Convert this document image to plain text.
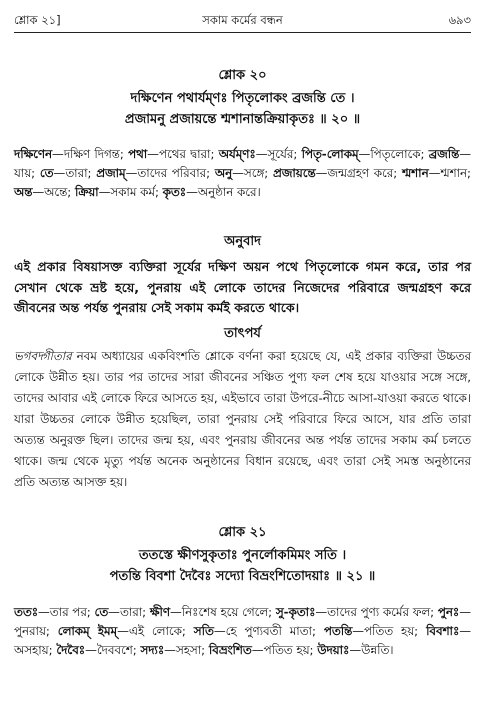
শ্লোক ২১]	সকাম কর্মের বন্ধন	৬৯৩
শ্লোক ২০
দক্ষিণেন পথার্যম্ণঃ পিতৃলোকং ব্রজন্তি তে ।
প্রজামনু প্রজায়ন্তে শ্মশানান্তক্রিয়াকৃতঃ ॥ ২০ ॥
দক্ষিণেন—দক্ষিণ দিগন্ত; পথা—পথের দ্বারা; অর্যম্ণঃ—সূর্যের; পিতৃ-লোকম্—পিতৃলোকে; ব্রজন্তি—যায়; তে—তারা; প্রজাম্—তাদের পরিবার; অনু—সঙ্গে; প্রজায়ন্তে—জন্মগ্রহণ করে; শ্মশান—শ্মশান; অন্ত—অন্তে; ক্রিয়া—সকাম কর্ম; কৃতঃ—অনুষ্ঠান করে।
অনুবাদ
এই প্রকার বিষয়াসক্ত ব্যক্তিরা সূর্যের দক্ষিণ অয়ন পথে পিতৃলোকে গমন করে, তার পর সেখান থেকে ভ্রষ্ট হয়ে, পুনরায় এই লোকে তাদের নিজেদের পরিবারে জন্মগ্রহণ করে জীবনের অন্ত পর্যন্ত পুনরায় সেই সকাম কর্মই করতে থাকে।
তাৎপর্য
ভগবদ্গীতার নবম অধ্যায়ের একবিংশতি শ্লোকে বর্ণনা করা হয়েছে যে, এই প্রকার ব্যক্তিরা উচ্চতর লোকে উন্নীত হয়। তার পর তাদের সারা জীবনের সঞ্চিত পুণ্য ফল শেষ হয়ে যাওয়ার সঙ্গে সঙ্গে, তাদের আবার এই লোকে ফিরে আসতে হয়, এইভাবে তারা উপরে-নীচে আসা-যাওয়া করতে থাকে। যারা উচ্চতর লোকে উন্নীত হয়েছিল, তারা পুনরায় সেই পরিবারে ফিরে আসে, যার প্রতি তারা অত্যন্ত অনুরক্ত ছিল। তাদের জন্ম হয়, এবং পুনরায় জীবনের অন্ত পর্যন্ত তাদের সকাম কর্ম চলতে থাকে। জন্ম থেকে মৃত্যু পর্যন্ত অনেক অনুষ্ঠানের বিধান রয়েছে, এবং তারা সেই সমস্ত অনুষ্ঠানের প্রতি অত্যন্ত আসক্ত হয়।
শ্লোক ২১
ততস্তে ক্ষীণসুকৃতাঃ পুনর্লোকমিমং সতি ।
পতন্তি বিবশা দৈবৈঃ সদ্যো বিভ্রংশিতোদয়াঃ ॥ ২১ ॥
ততঃ—তার পর; তে—তারা; ক্ষীণ—নিঃশেষ হয়ে গেলে; সু-কৃতাঃ—তাদের পুণ্য কর্মের ফল; পুনঃ—পুনরায়; লোকম্ ইমম্—এই লোকে; সতি—হে পুণ্যবতী মাতা; পতন্তি—পতিত হয়; বিবশাঃ—অসহায়; দৈবৈঃ—দৈববশে; সদ্যঃ—সহসা; বিভ্রংশিত—পতিত হয়; উদয়াঃ—উন্নতি।
